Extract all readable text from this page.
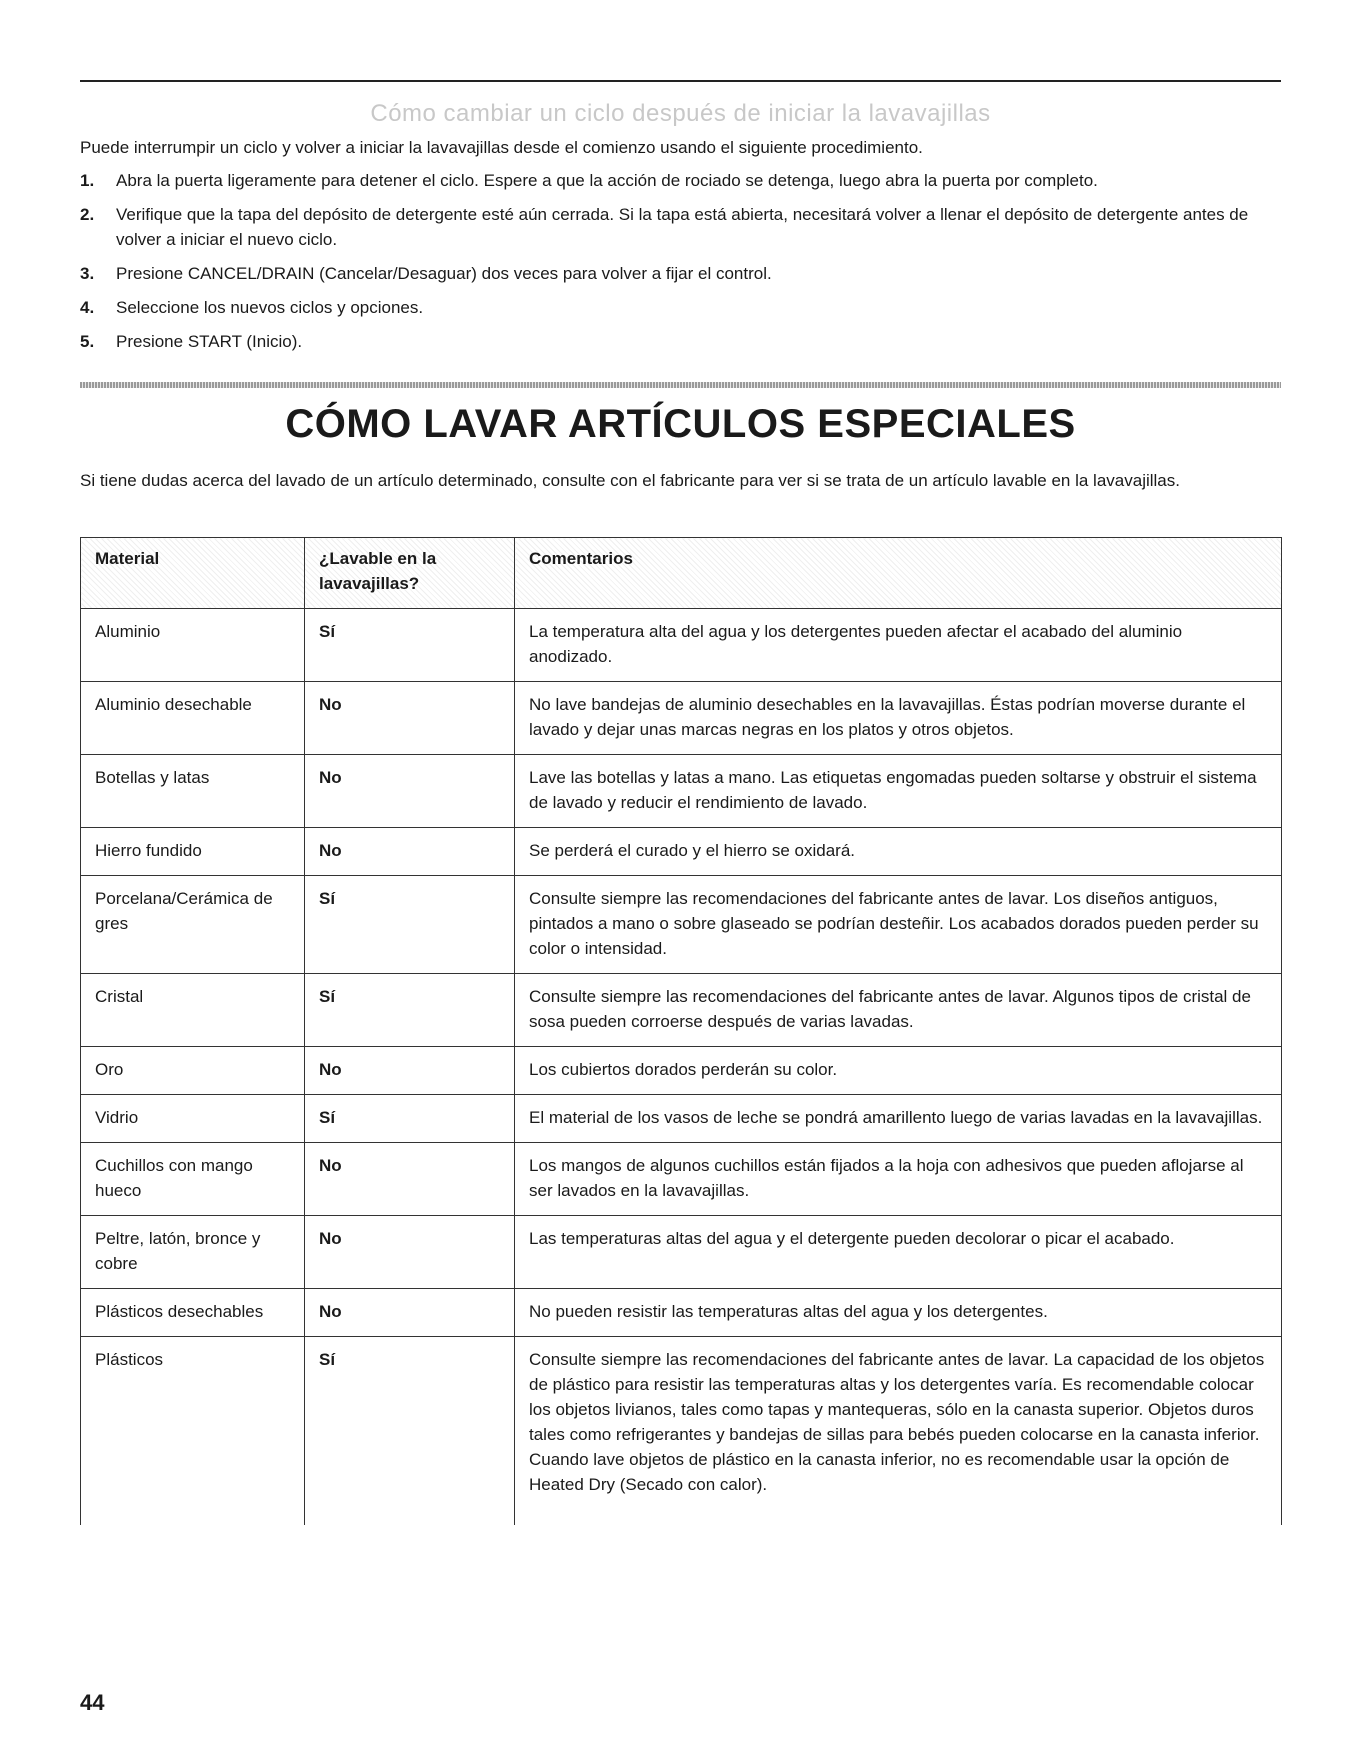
Cómo cambiar un ciclo después de iniciar la lavavajillas
Puede interrumpir un ciclo y volver a iniciar la lavavajillas desde el comienzo usando el siguiente procedimiento.
1. Abra la puerta ligeramente para detener el ciclo. Espere a que la acción de rociado se detenga, luego abra la puerta por completo.
2. Verifique que la tapa del depósito de detergente esté aún cerrada. Si la tapa está abierta, necesitará volver a llenar el depósito de detergente antes de volver a iniciar el nuevo ciclo.
3. Presione CANCEL/DRAIN (Cancelar/Desaguar) dos veces para volver a fijar el control.
4. Seleccione los nuevos ciclos y opciones.
5. Presione START (Inicio).
CÓMO LAVAR ARTÍCULOS ESPECIALES
Si tiene dudas acerca del lavado de un artículo determinado, consulte con el fabricante para ver si se trata de un artículo lavable en la lavavajillas.
Material	¿Lavable en la lavavajillas?	Comentarios
Aluminio	Sí	La temperatura alta del agua y los detergentes pueden afectar el acabado del aluminio anodizado.
Aluminio desechable	No	No lave bandejas de aluminio desechables en la lavavajillas. Éstas podrían moverse durante el lavado y dejar unas marcas negras en los platos y otros objetos.
Botellas y latas	No	Lave las botellas y latas a mano. Las etiquetas engomadas pueden soltarse y obstruir el sistema de lavado y reducir el rendimiento de lavado.
Hierro fundido	No	Se perderá el curado y el hierro se oxidará.
Porcelana/Cerámica de gres	Sí	Consulte siempre las recomendaciones del fabricante antes de lavar. Los diseños antiguos, pintados a mano o sobre glaseado se podrían desteñir. Los acabados dorados pueden perder su color o intensidad.
Cristal	Sí	Consulte siempre las recomendaciones del fabricante antes de lavar. Algunos tipos de cristal de sosa pueden corroerse después de varias lavadas.
Oro	No	Los cubiertos dorados perderán su color.
Vidrio	Sí	El material de los vasos de leche se pondrá amarillento luego de varias lavadas en la lavavajillas.
Cuchillos con mango hueco	No	Los mangos de algunos cuchillos están fijados a la hoja con adhesivos que pueden aflojarse al ser lavados en la lavavajillas.
Peltre, latón, bronce y cobre	No	Las temperaturas altas del agua y el detergente pueden decolorar o picar el acabado.
Plásticos desechables	No	No pueden resistir las temperaturas altas del agua y los detergentes.
Plásticos	Sí	Consulte siempre las recomendaciones del fabricante antes de lavar. La capacidad de los objetos de plástico para resistir las temperaturas altas y los detergentes varía. Es recomendable colocar los objetos livianos, tales como tapas y mantequeras, sólo en la canasta superior. Objetos duros tales como refrigerantes y bandejas de sillas para bebés pueden colocarse en la canasta inferior. Cuando lave objetos de plástico en la canasta inferior, no es recomendable usar la opción de Heated Dry (Secado con calor).
44
